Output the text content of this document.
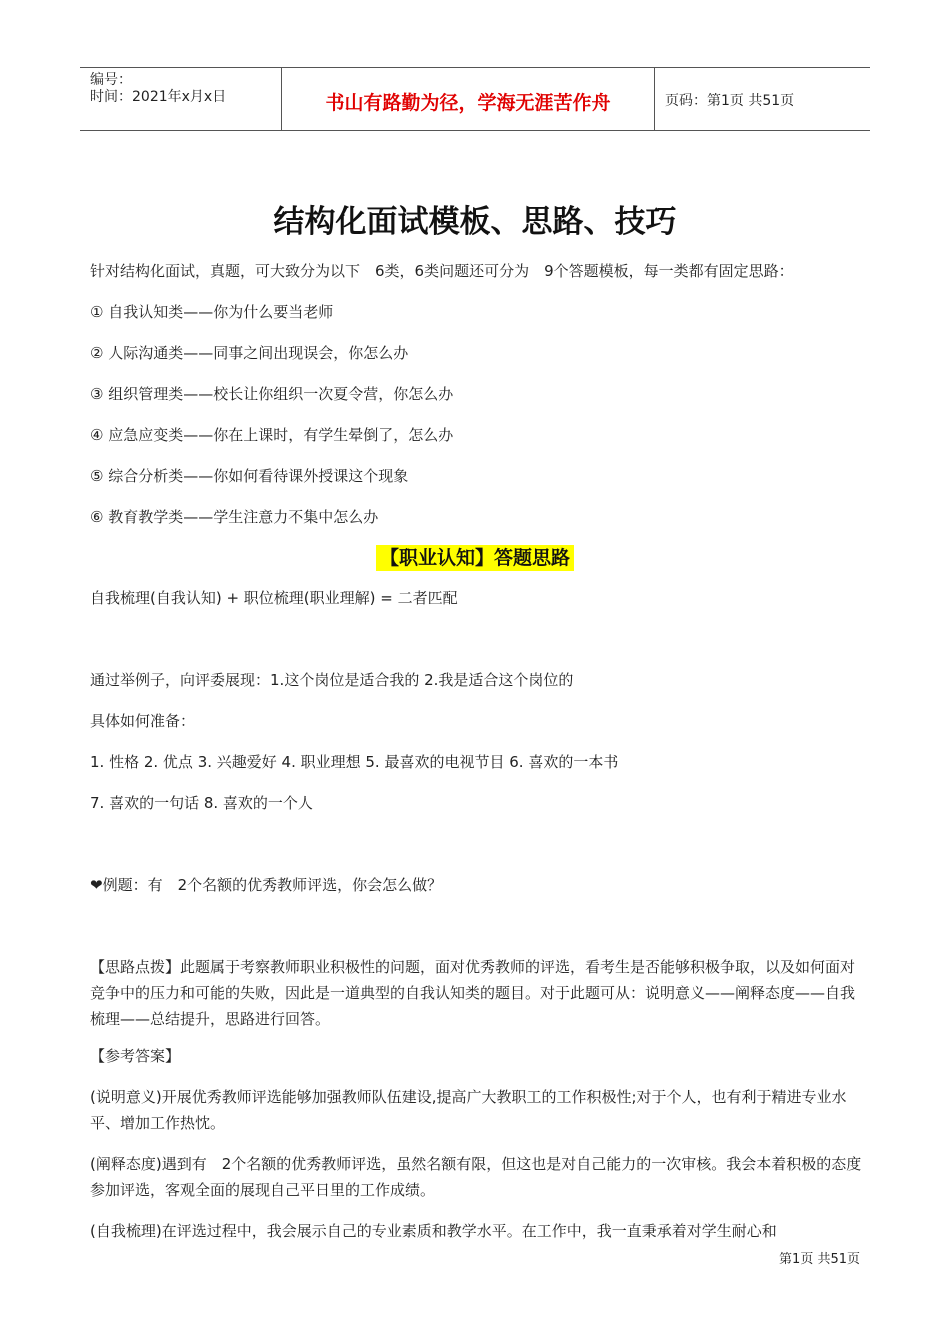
编号：
时间：2021年x月x日	书山有路勤为径，学海无涯苦作舟	页码：第1页 共51页
结构化面试模板、思路、技巧
针对结构化面试，真题，可大致分为以下　6类，6类问题还可分为　9个答题模板，每一类都有固定思路：
① 自我认知类——你为什么要当老师
② 人际沟通类——同事之间出现误会，你怎么办
③ 组织管理类——校长让你组织一次夏令营，你怎么办
④ 应急应变类——你在上课时，有学生晕倒了，怎么办
⑤ 综合分析类——你如何看待课外授课这个现象
⑥ 教育教学类——学生注意力不集中怎么办
【职业认知】答题思路
自我梳理(自我认知) + 职位梳理(职业理解) = 二者匹配
通过举例子，向评委展现：1.这个岗位是适合我的 2.我是适合这个岗位的
具体如何准备：
1. 性格 2. 优点 3. 兴趣爱好 4. 职业理想 5. 最喜欢的电视节目 6. 喜欢的一本书
7. 喜欢的一句话 8. 喜欢的一个人
❤例题：有　2个名额的优秀教师评选，你会怎么做？
【思路点拨】此题属于考察教师职业积极性的问题，面对优秀教师的评选，看考生是否能够积极争取，以及如何面对竞争中的压力和可能的失败，因此是一道典型的自我认知类的题目。对于此题可从：说明意义——阐释态度——自我梳理——总结提升，思路进行回答。
【参考答案】
(说明意义)开展优秀教师评选能够加强教师队伍建设,提高广大教职工的工作积极性;对于个人，也有利于精进专业水平、增加工作热忱。
(阐释态度)遇到有　2个名额的优秀教师评选，虽然名额有限，但这也是对自己能力的一次审核。我会本着积极的态度参加评选，客观全面的展现自己平日里的工作成绩。
(自我梳理)在评选过程中，我会展示自己的专业素质和教学水平。在工作中，我一直秉承着对学生耐心和
第1页 共51页
